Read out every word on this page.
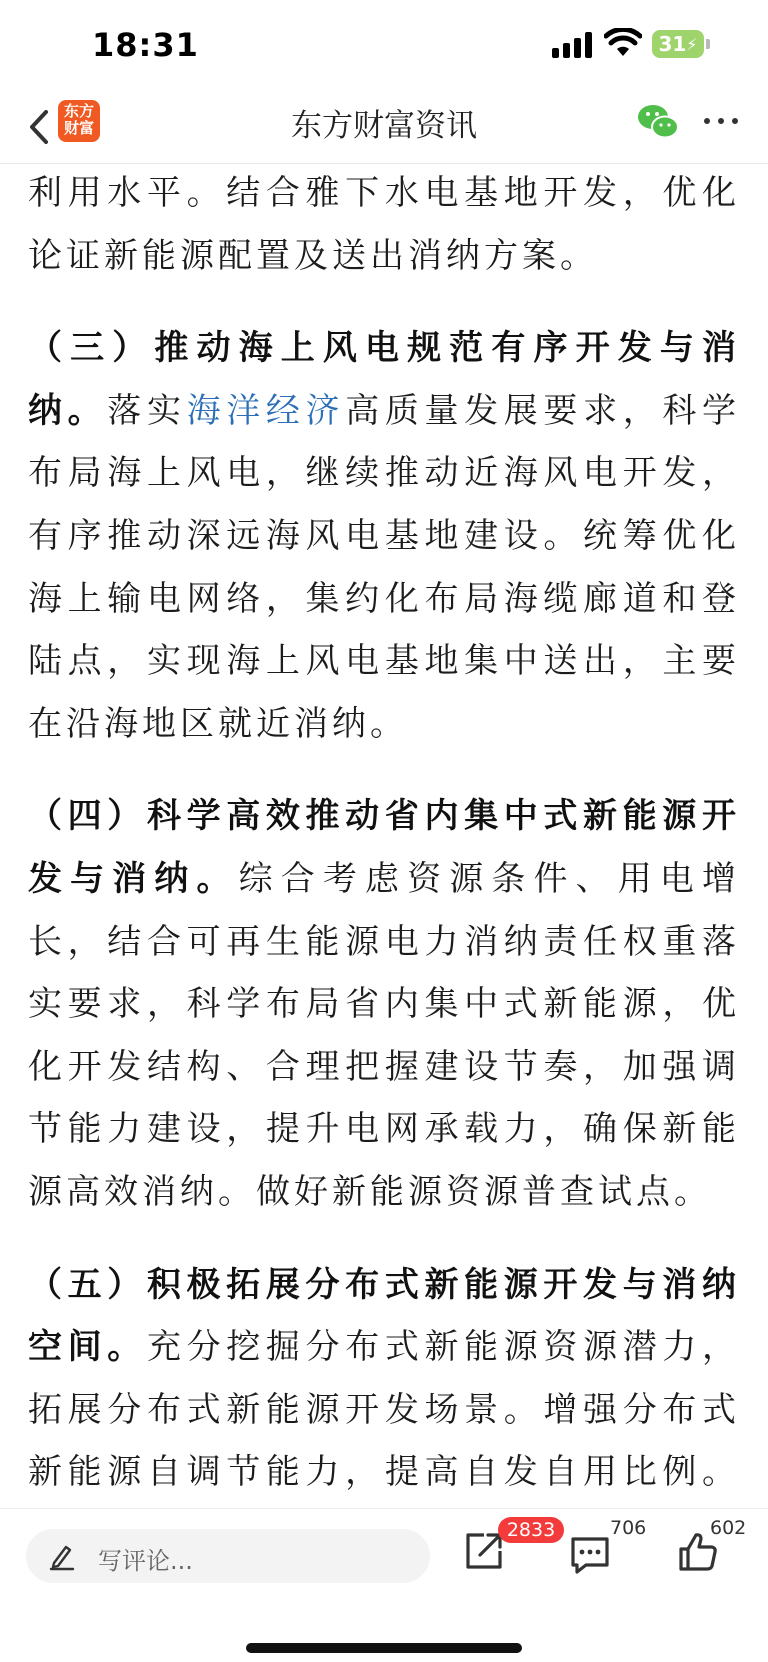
18:31	31 ⚡
东方财富	东方财富资讯

利用水平。结合雅下水电基地开发，优化论证新能源配置及送出消纳方案。

（三）推动海上风电规范有序开发与消纳。落实海洋经济高质量发展要求，科学布局海上风电，继续推动近海风电开发，有序推动深远海风电基地建设。统筹优化海上输电网络，集约化布局海缆廊道和登陆点，实现海上风电基地集中送出，主要在沿海地区就近消纳。

（四）科学高效推动省内集中式新能源开发与消纳。综合考虑资源条件、用电增长，结合可再生能源电力消纳责任权重落实要求，科学布局省内集中式新能源，优化开发结构、合理把握建设节奏，加强调节能力建设，提升电网承载力，确保新能源高效消纳。做好新能源资源普查试点。

（五）积极拓展分布式新能源开发与消纳空间。充分挖掘分布式新能源资源潜力，拓展分布式新能源开发场景。增强分布式新能源自调节能力，提高自发自用比例。

写评论...
2833	706	602
